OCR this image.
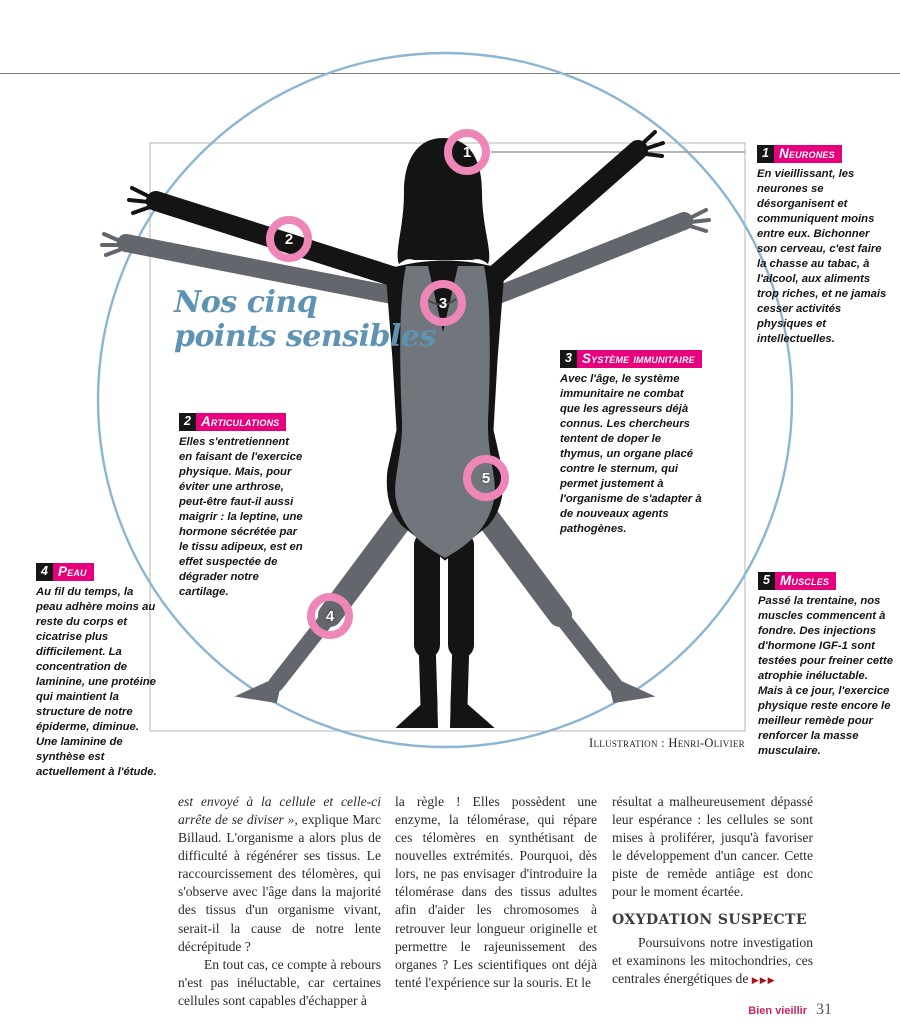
Nos cinq
points sensibles
1
2
3
4
5
1 Neurones
En vieillissant, les neurones se désorganisent et communiquent moins entre eux. Bichonner son cerveau, c'est faire la chasse au tabac, à l'alcool, aux aliments trop riches, et ne jamais cesser activités physiques et intellectuelles.
2 Articulations
Elles s'entretiennent en faisant de l'exercice physique. Mais, pour éviter une arthrose, peut-être faut-il aussi maigrir : la leptine, une hormone sécrétée par le tissu adipeux, est en effet suspectée de dégrader notre cartilage.
3 Système immunitaire
Avec l'âge, le système immunitaire ne combat que les agresseurs déjà connus. Les chercheurs tentent de doper le thymus, un organe placé contre le sternum, qui permet justement à l'organisme de s'adapter à de nouveaux agents pathogènes.
4 Peau
Au fil du temps, la peau adhère moins au reste du corps et cicatrise plus difficilement. La concentration de laminine, une protéine qui maintient la structure de notre épiderme, diminue. Une laminine de synthèse est actuellement à l'étude.
5 Muscles
Passé la trentaine, nos muscles commencent à fondre. Des injections d'hormone IGF-1 sont testées pour freiner cette atrophie inéluctable. Mais à ce jour, l'exercice physique reste encore le meilleur remède pour renforcer la masse musculaire.
Illustration : Henri-Olivier

est envoyé à la cellule et celle-ci arrête de se diviser », explique Marc Billaud. L'organisme a alors plus de difficulté à régénérer ses tissus. Le raccourcissement des télomères, qui s'observe avec l'âge dans la majorité des tissus d'un organisme vivant, serait-il la cause de notre lente décrépitude ?

En tout cas, ce compte à rebours n'est pas inéluctable, car certaines cellules sont capables d'échapper à

la règle ! Elles possèdent une enzyme, la télomérase, qui répare ces télomères en synthétisant de nouvelles extrémités. Pourquoi, dès lors, ne pas envisager d'introduire la télomérase dans des tissus adultes afin d'aider les chromosomes à retrouver leur longueur originelle et permettre le rajeunissement des organes ? Les scientifiques ont déjà tenté l'expérience sur la souris. Et le

résultat a malheureusement dépassé leur espérance : les cellules se sont mises à proliférer, jusqu'à favoriser le développement d'un cancer. Cette piste de remède antiâge est donc pour le moment écartée.

OXYDATION SUSPECTE

Poursuivons notre investigation et examinons les mitochondries, ces centrales énergétiques de ▶▶▶

Bien vieillir 31
